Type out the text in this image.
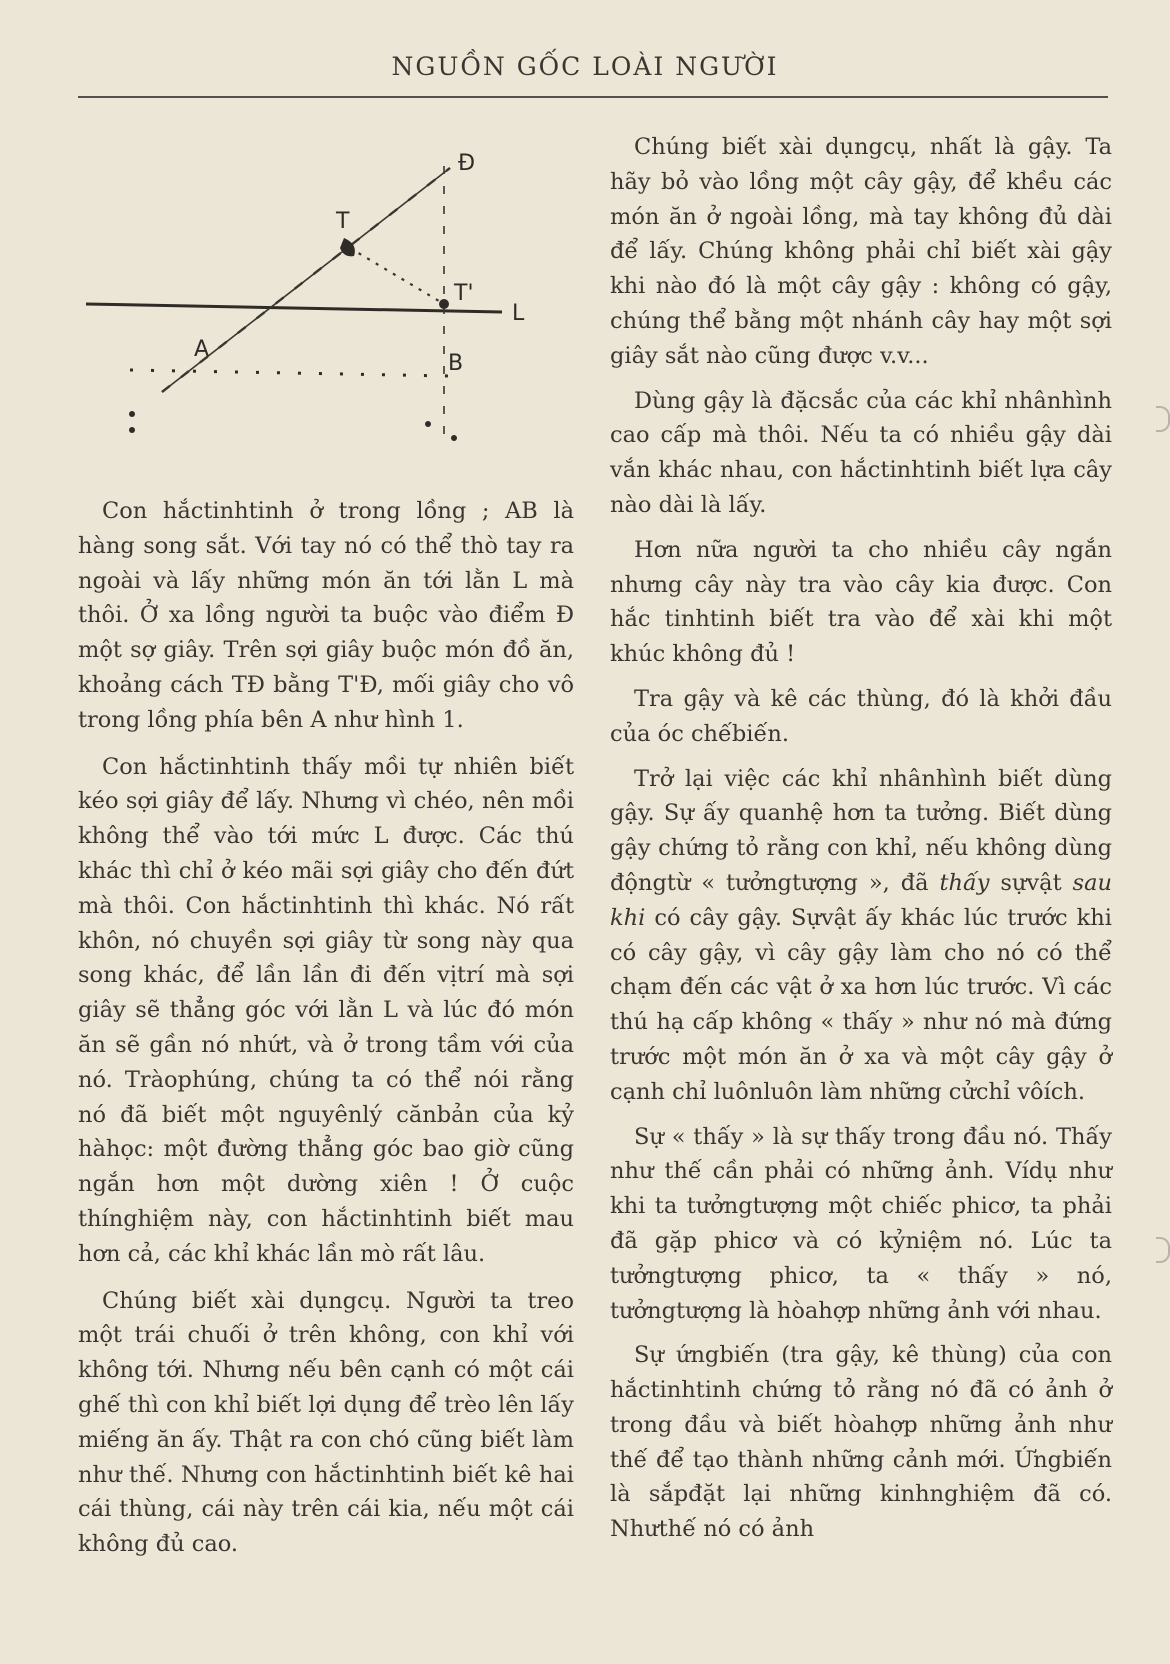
NGUỒN GỐC LOÀI NGƯỜI
Đ
T
T'
L
A
B

Con hắctinhtinh ở trong lồng ; AB là hàng song sắt. Với tay nó có thể thò tay ra ngoài và lấy những món ăn tới lằn L mà thôi. Ở xa lồng người ta buộc vào điểm Đ một sợ giây. Trên sợi giây buộc món đồ ăn, khoảng cách TĐ bằng T'Đ, mối giây cho vô trong lồng phía bên A như hình 1.

Con hắctinhtinh thấy mồi tự nhiên biết kéo sợi giây để lấy. Nhưng vì chéo, nên mồi không thể vào tới mức L được. Các thú khác thì chỉ ở kéo mãi sợi giây cho đến đứt mà thôi. Con hắctinhtinh thì khác. Nó rất khôn, nó chuyền sợi giây từ song này qua song khác, để lần lần đi đến vịtrí mà sợi giây sẽ thẳng góc với lằn L và lúc đó món ăn sẽ gần nó nhứt, và ở trong tầm với của nó. Tràophúng, chúng ta có thể nói rằng nó đã biết một nguyênlý cănbản của kỷ hàhọc: một đường thẳng góc bao giờ cũng ngắn hơn một dường xiên ! Ở cuộc thínghiệm này, con hắctinhtinh biết mau hơn cả, các khỉ khác lần mò rất lâu.

Chúng biết xài dụngcụ. Người ta treo một trái chuối ở trên không, con khỉ với không tới. Nhưng nếu bên cạnh có một cái ghế thì con khỉ biết lợi dụng để trèo lên lấy miếng ăn ấy. Thật ra con chó cũng biết làm như thế. Nhưng con hắctinhtinh biết kê hai cái thùng, cái này trên cái kia, nếu một cái không đủ cao.

Chúng biết xài dụngcụ, nhất là gậy. Ta hãy bỏ vào lồng một cây gậy, để khều các món ăn ở ngoài lồng, mà tay không đủ dài để lấy. Chúng không phải chỉ biết xài gậy khi nào đó là một cây gậy : không có gậy, chúng thể bằng một nhánh cây hay một sợi giây sắt nào cũng được v.v...

Dùng gậy là đặcsắc của các khỉ nhânhình cao cấp mà thôi. Nếu ta có nhiều gậy dài vắn khác nhau, con hắctinhtinh biết lựa cây nào dài là lấy.

Hơn nữa người ta cho nhiều cây ngắn nhưng cây này tra vào cây kia được. Con hắc tinhtinh biết tra vào để xài khi một khúc không đủ !

Tra gậy và kê các thùng, đó là khởi đầu của óc chếbiến.

Trở lại việc các khỉ nhânhình biết dùng gậy. Sự ấy quanhệ hơn ta tưởng. Biết dùng gậy chứng tỏ rằng con khỉ, nếu không dùng độngtừ « tưởngtượng », đã thấy sựvật sau khi có cây gậy. Sựvật ấy khác lúc trước khi có cây gậy, vì cây gậy làm cho nó có thể chạm đến các vật ở xa hơn lúc trước. Vì các thú hạ cấp không « thấy » như nó mà đứng trước một món ăn ở xa và một cây gậy ở cạnh chỉ luônluôn làm những cửchỉ vôích.

Sự « thấy » là sự thấy trong đầu nó. Thấy như thế cần phải có những ảnh. Vídụ như khi ta tưởngtượng một chiếc phicơ, ta phải đã gặp phicơ và có kỷniệm nó. Lúc ta tưởngtượng phicơ, ta « thấy » nó, tưởngtượng là hòahợp những ảnh với nhau.

Sự ứngbiến (tra gậy, kê thùng) của con hắctinhtinh chứng tỏ rằng nó đã có ảnh ở trong đầu và biết hòahợp những ảnh như thế để tạo thành những cảnh mới. Ứngbiến là sắpđặt lại những kinhnghiệm đã có. Nhưthế nó có ảnh
